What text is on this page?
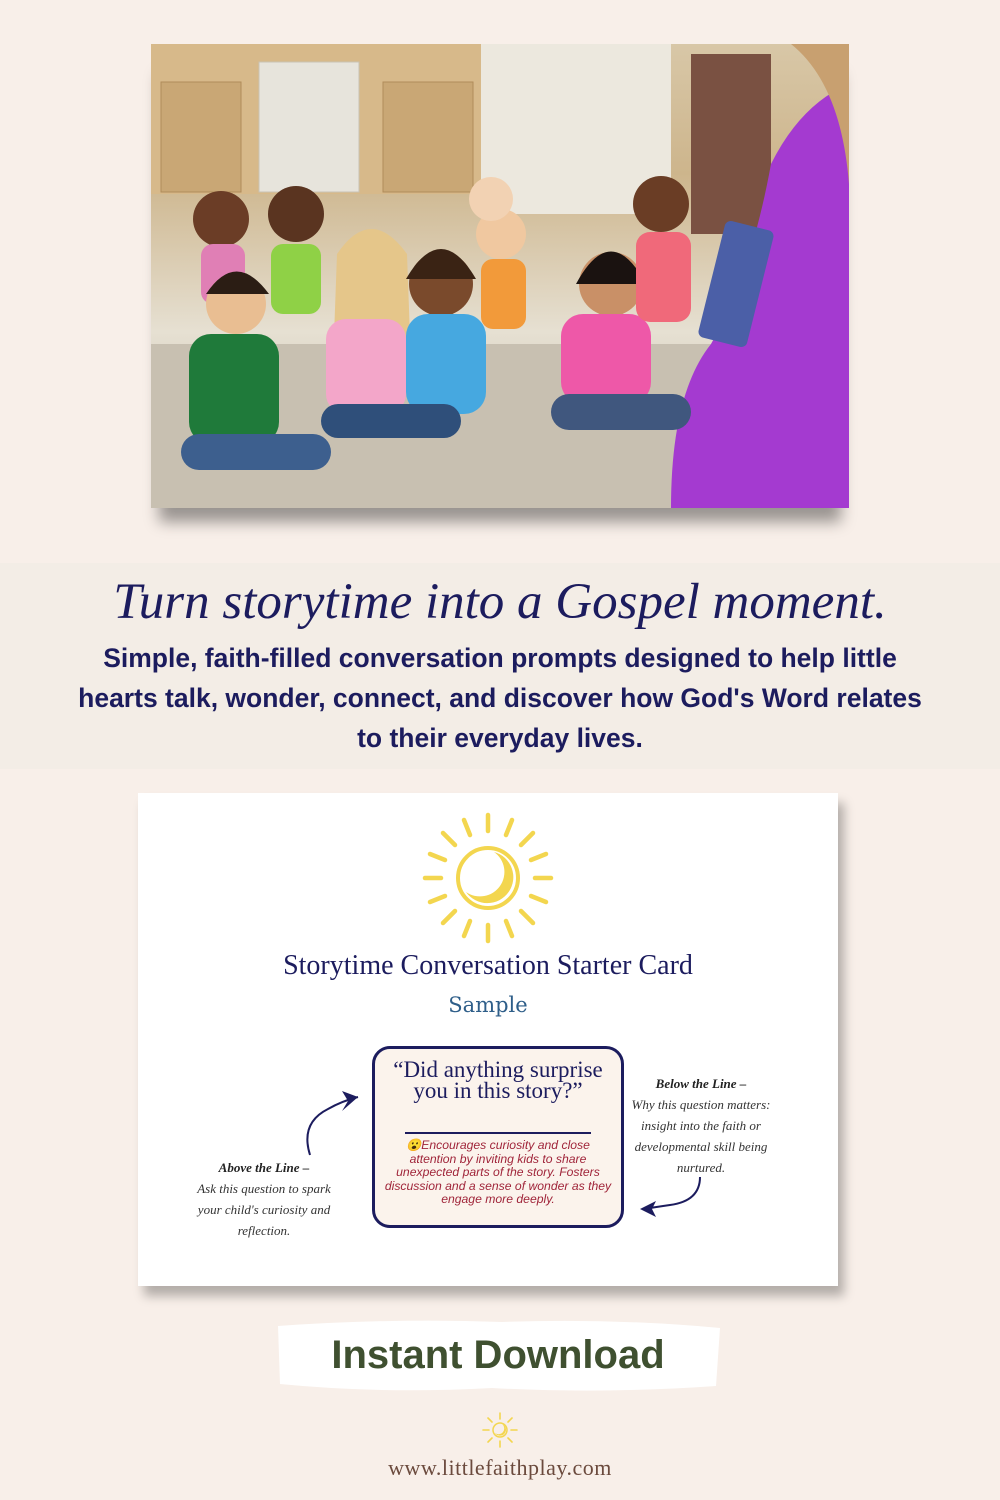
Turn storytime into a Gospel moment.
Simple, faith-filled conversation prompts designed to help little hearts talk, wonder, connect, and discover how God's Word relates to their everyday lives.
Storytime Conversation Starter Card
Sample
“Did anything surprise you in this story?”
😮Encourages curiosity and close attention by inviting kids to share unexpected parts of the story. Fosters discussion and a sense of wonder as they engage more deeply.
Above the Line –
Ask this question to spark your child's curiosity and reflection.
Below the Line –
Why this question matters: insight into the faith or developmental skill being nurtured.
Instant Download
www.littlefaithplay.com
